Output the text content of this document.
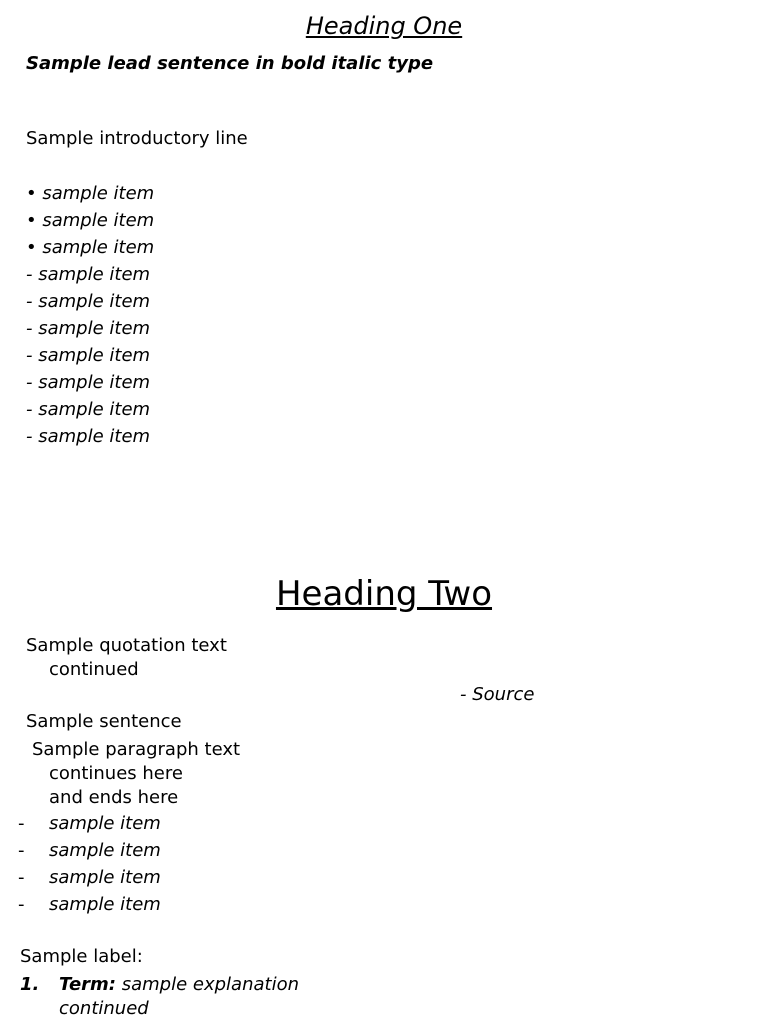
Heading One
Sample lead sentence in bold italic type
Sample introductory line
• sample item
• sample item
• sample item
- sample item
- sample item
- sample item
- sample item
- sample item
- sample item
- sample item
Heading Two
Sample quotation text
continued
- Source
Sample sentence
Sample paragraph text
continues here
and ends here
-	sample item
-	sample item
-	sample item
-	sample item
Sample label:
1. Term: sample explanation
continued
